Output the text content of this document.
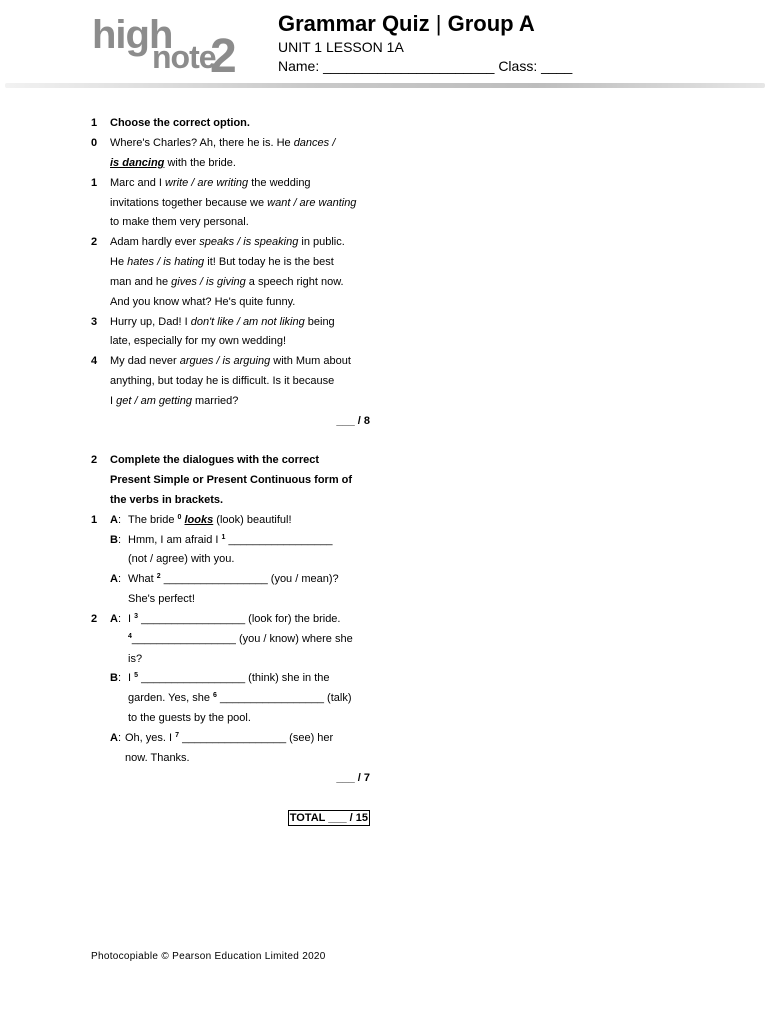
high
note
2
Grammar Quiz | Group A
UNIT 1 LESSON 1A
Name: ______________________ Class: ____
1 Choose the correct option.
0 Where's Charles? Ah, there he is. He dances /
is dancing with the bride.
1 Marc and I write / are writing the wedding
invitations together because we want / are wanting
to make them very personal.
2 Adam hardly ever speaks / is speaking in public.
He hates / is hating it! But today he is the best
man and he gives / is giving a speech right now.
And you know what? He's quite funny.
3 Hurry up, Dad! I don't like / am not liking being
late, especially for my own wedding!
4 My dad never argues / is arguing with Mum about
anything, but today he is difficult. Is it because
I get / am getting married?
___ / 8
2 Complete the dialogues with the correct
Present Simple or Present Continuous form of
the verbs in brackets.
1 A: The bride $^0$ looks (look) beautiful!
B: Hmm, I am afraid I $^1$ _________________
(not / agree) with you.
A: What $^2$ _________________ (you / mean)?
She's perfect!
2 A: I $^3$ _________________ (look for) the bride.
$^4$_________________ (you / know) where she
is?
B: I $^5$ _________________ (think) she in the
garden. Yes, she $^6$ _________________ (talk)
to the guests by the pool.
A: Oh, yes. I $^7$ _________________ (see) her
now. Thanks.
___ / 7
TOTAL ___ / 15
Photocopiable © Pearson Education Limited 2020
